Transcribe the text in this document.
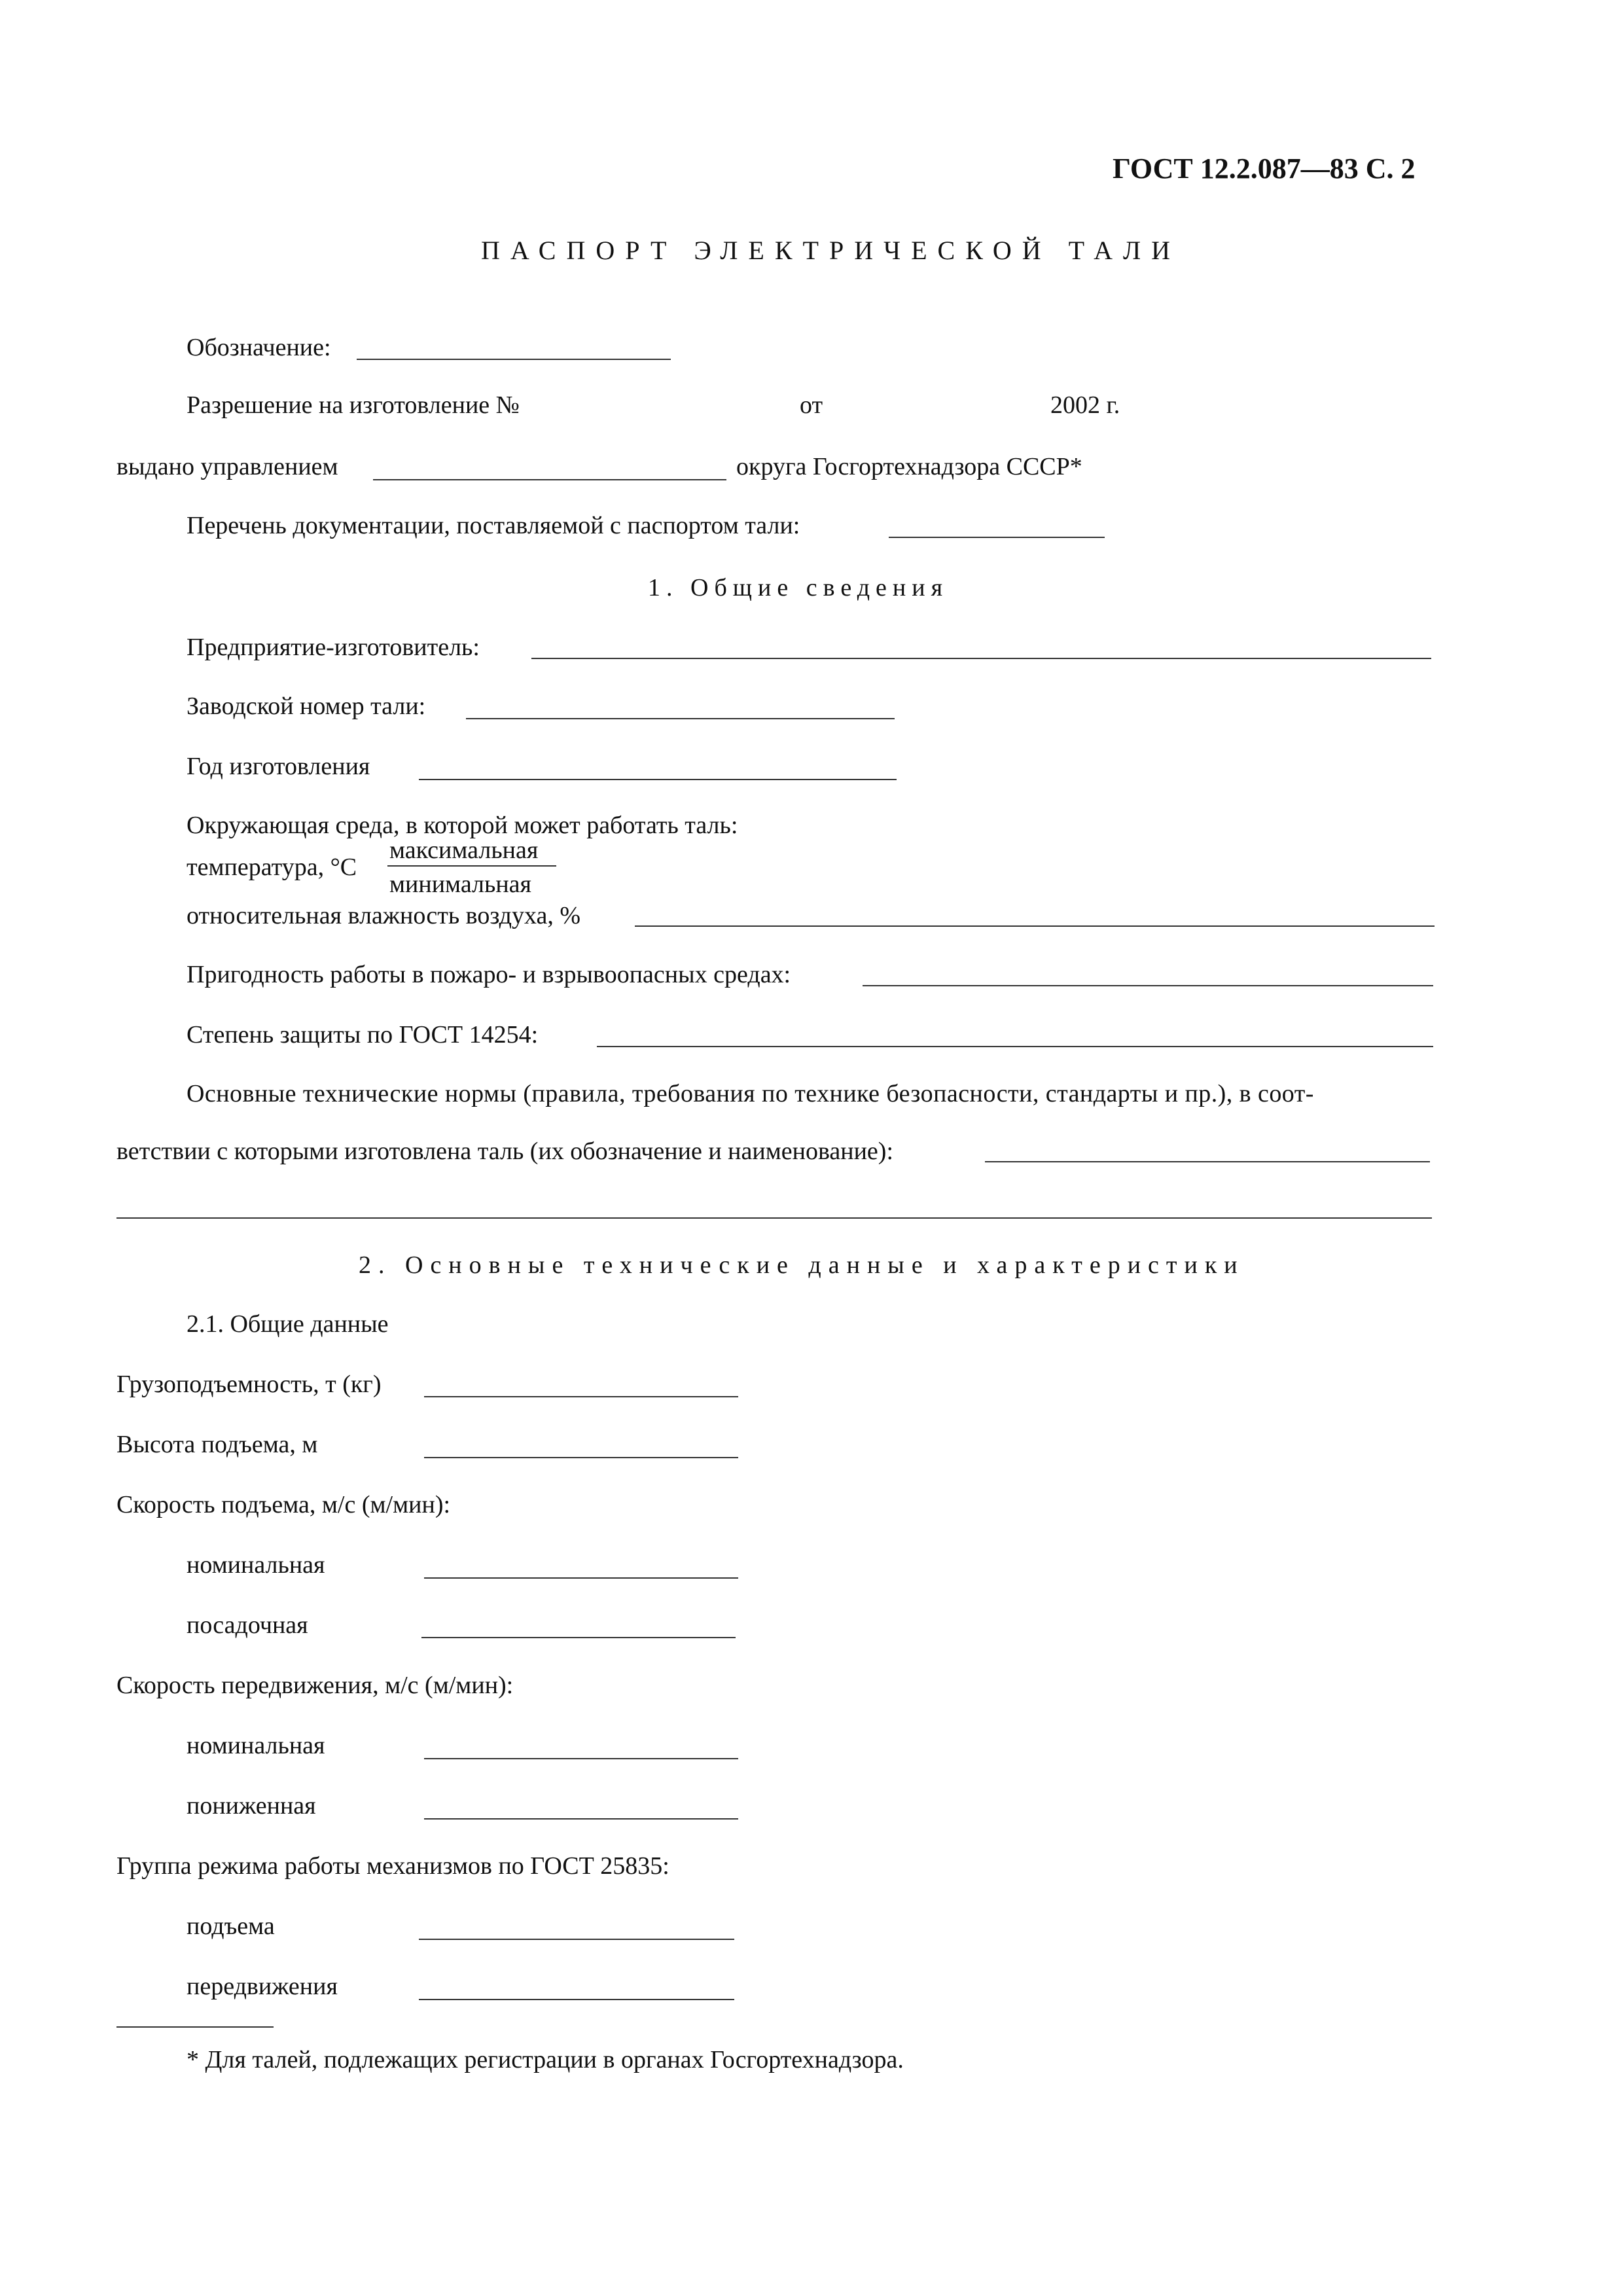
ГОСТ 12.2.087—83 С. 2
ПАСПОРТ ЭЛЕКТРИЧЕСКОЙ ТАЛИ
Обозначение:
Разрешение на изготовление №	от	2002 г.
выдано управлением	округа Госгортехнадзора СССР*
Перечень документации, поставляемой с паспортом тали:
1. Общие сведения
Предприятие-изготовитель:
Заводской номер тали:
Год изготовления
Окружающая среда, в которой может работать таль:
температура, °С
максимальная
минимальная
относительная влажность воздуха, %
Пригодность работы в пожаро- и взрывоопасных средах:
Степень защиты по ГОСТ 14254:
Основные технические нормы (правила, требования по технике безопасности, стандарты и пр.), в соот-
ветствии с которыми изготовлена таль (их обозначение и наименование):
2. Основные технические данные и характеристики
2.1. Общие данные
Грузоподъемность, т (кг)
Высота подъема, м
Скорость подъема, м/с (м/мин):
номинальная
посадочная
Скорость передвижения, м/с (м/мин):
номинальная
пониженная
Группа режима работы механизмов по ГОСТ 25835:
подъема
передвижения
* Для талей, подлежащих регистрации в органах Госгортехнадзора.
